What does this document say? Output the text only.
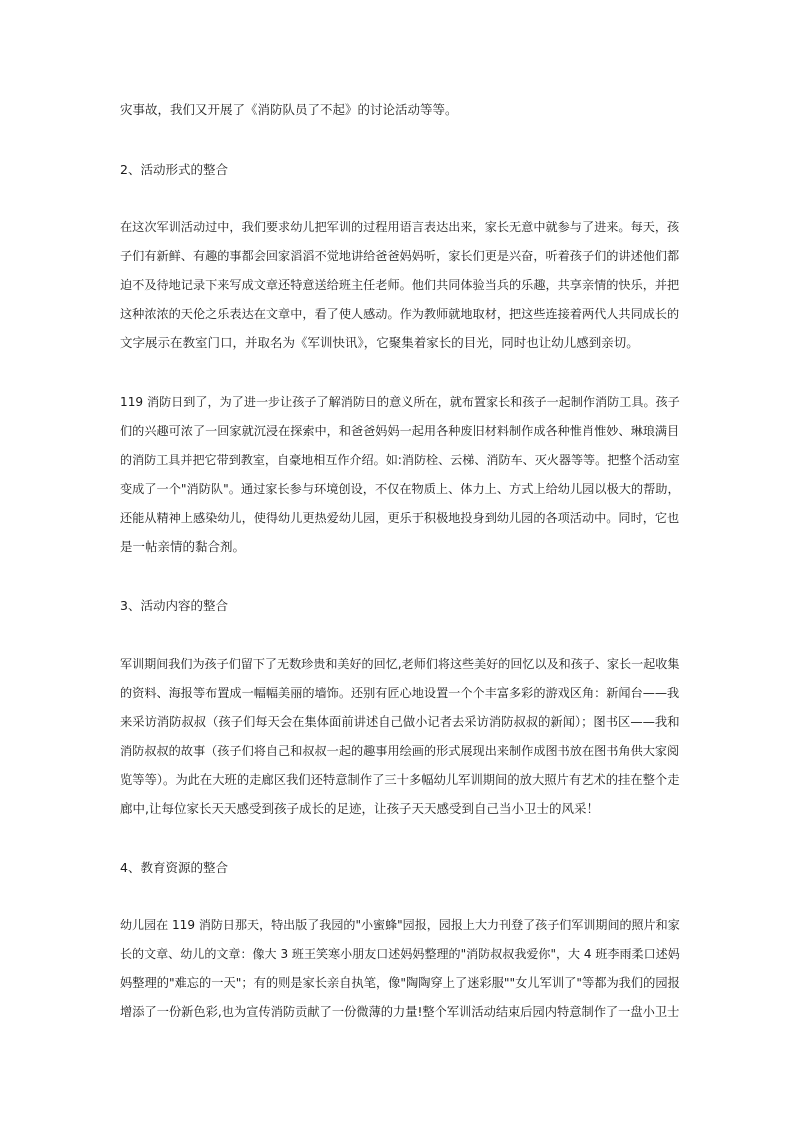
灾事故，我们又开展了《消防队员了不起》的讨论活动等等。
2、活动形式的整合
在这次军训活动过中，我们要求幼儿把军训的过程用语言表达出来，家长无意中就参与了进来。每天，孩
子们有新鲜、有趣的事都会回家滔滔不觉地讲给爸爸妈妈听，家长们更是兴奋，听着孩子们的讲述他们都
迫不及待地记录下来写成文章还特意送给班主任老师。他们共同体验当兵的乐趣，共享亲情的快乐，并把
这种浓浓的天伦之乐表达在文章中，看了使人感动。作为教师就地取材，把这些连接着两代人共同成长的
文字展示在教室门口，并取名为《军训快讯》，它聚集着家长的目光，同时也让幼儿感到亲切。
119 消防日到了，为了进一步让孩子了解消防日的意义所在，就布置家长和孩子一起制作消防工具。孩子
们的兴趣可浓了一回家就沉浸在探索中，和爸爸妈妈一起用各种废旧材料制作成各种惟肖惟妙、琳琅满目
的消防工具并把它带到教室，自豪地相互作介绍。如:消防栓、云梯、消防车、灭火器等等。把整个活动室
变成了一个"消防队"。通过家长参与环境创设，不仅在物质上、体力上、方式上给幼儿园以极大的帮助，
还能从精神上感染幼儿，使得幼儿更热爱幼儿园，更乐于积极地投身到幼儿园的各项活动中。同时，它也
是一帖亲情的黏合剂。
3、活动内容的整合
军训期间我们为孩子们留下了无数珍贵和美好的回忆,老师们将这些美好的回忆以及和孩子、家长一起收集
的资料、海报等布置成一幅幅美丽的墙饰。还别有匠心地设置一个个丰富多彩的游戏区角：新闻台——我
来采访消防叔叔（孩子们每天会在集体面前讲述自己做小记者去采访消防叔叔的新闻）；图书区——我和
消防叔叔的故事（孩子们将自己和叔叔一起的趣事用绘画的形式展现出来制作成图书放在图书角供大家阅
览等等）。为此在大班的走廊区我们还特意制作了三十多幅幼儿军训期间的放大照片有艺术的挂在整个走
廊中,让每位家长天天感受到孩子成长的足迹，让孩子天天感受到自己当小卫士的风采！
4、教育资源的整合
幼儿园在 119 消防日那天，特出版了我园的"小蜜蜂"园报，园报上大力刊登了孩子们军训期间的照片和家
长的文章、幼儿的文章：像大 3 班王笑寒小朋友口述妈妈整理的"消防叔叔我爱你"，大 4 班李雨柔口述妈
妈整理的"难忘的一天"；有的则是家长亲自执笔，像"陶陶穿上了迷彩服""女儿军训了"等都为我们的园报
增添了一份新色彩,也为宣传消防贡献了一份微薄的力量!整个军训活动结束后园内特意制作了一盘小卫士
